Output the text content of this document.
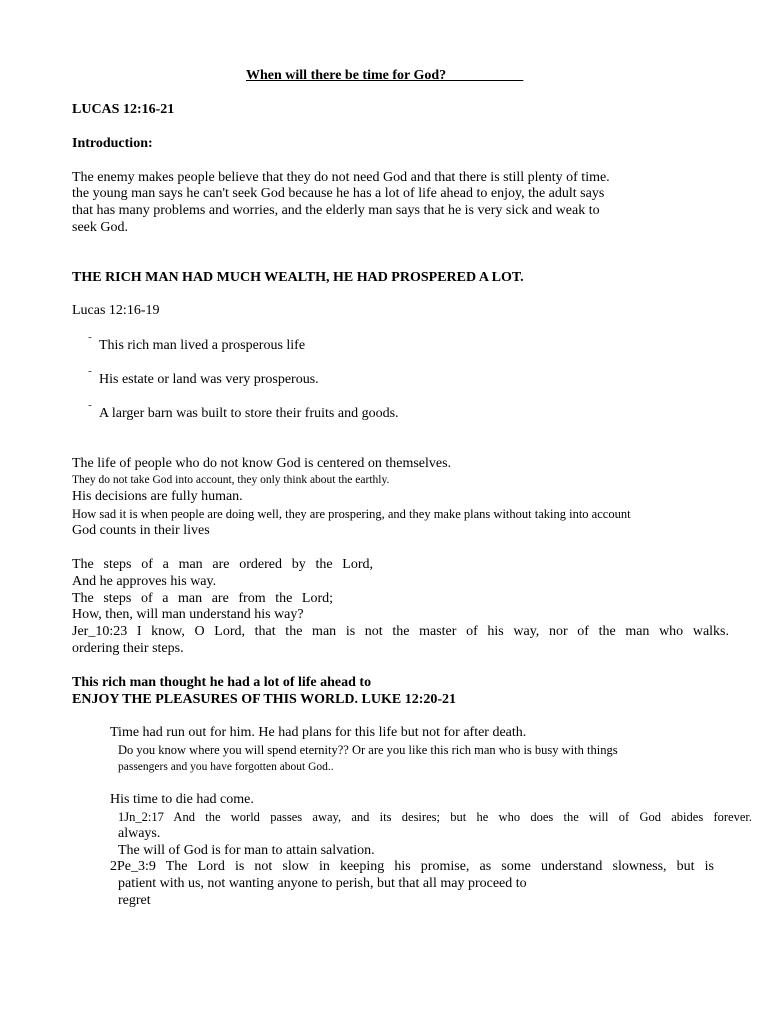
When will there be time for God?___________
LUCAS 12:16-21
Introduction:
The enemy makes people believe that they do not need God and that there is still plenty of time.
the young man says he can't seek God because he has a lot of life ahead to enjoy, the adult says
that has many problems and worries, and the elderly man says that he is very sick and weak to
seek God.
THE RICH MAN HAD MUCH WEALTH, HE HAD PROSPERED A LOT.
Lucas 12:16-19
˜ This rich man lived a prosperous life
˜ His estate or land was very prosperous.
˜ A larger barn was built to store their fruits and goods.
The life of people who do not know God is centered on themselves.
They do not take God into account, they only think about the earthly.
His decisions are fully human.
How sad it is when people are doing well, they are prospering, and they make plans without taking into account
God counts in their lives
The steps of a man are ordered by the Lord,
And he approves his way.
The steps of a man are from the Lord;
How, then, will man understand his way?
Jer_10:23 I know, O Lord, that the man is not the master of his way, nor of the man who walks.
ordering their steps.
This rich man thought he had a lot of life ahead to
ENJOY THE PLEASURES OF THIS WORLD. LUKE 12:20-21
Time had run out for him. He had plans for this life but not for after death.
Do you know where you will spend eternity?? Or are you like this rich man who is busy with things
passengers and you have forgotten about God..
His time to die had come.
1Jn_2:17 And the world passes away, and its desires; but he who does the will of God abides forever.
always.
The will of God is for man to attain salvation.
2Pe_3:9 The Lord is not slow in keeping his promise, as some understand slowness, but is
patient with us, not wanting anyone to perish, but that all may proceed to
regret
